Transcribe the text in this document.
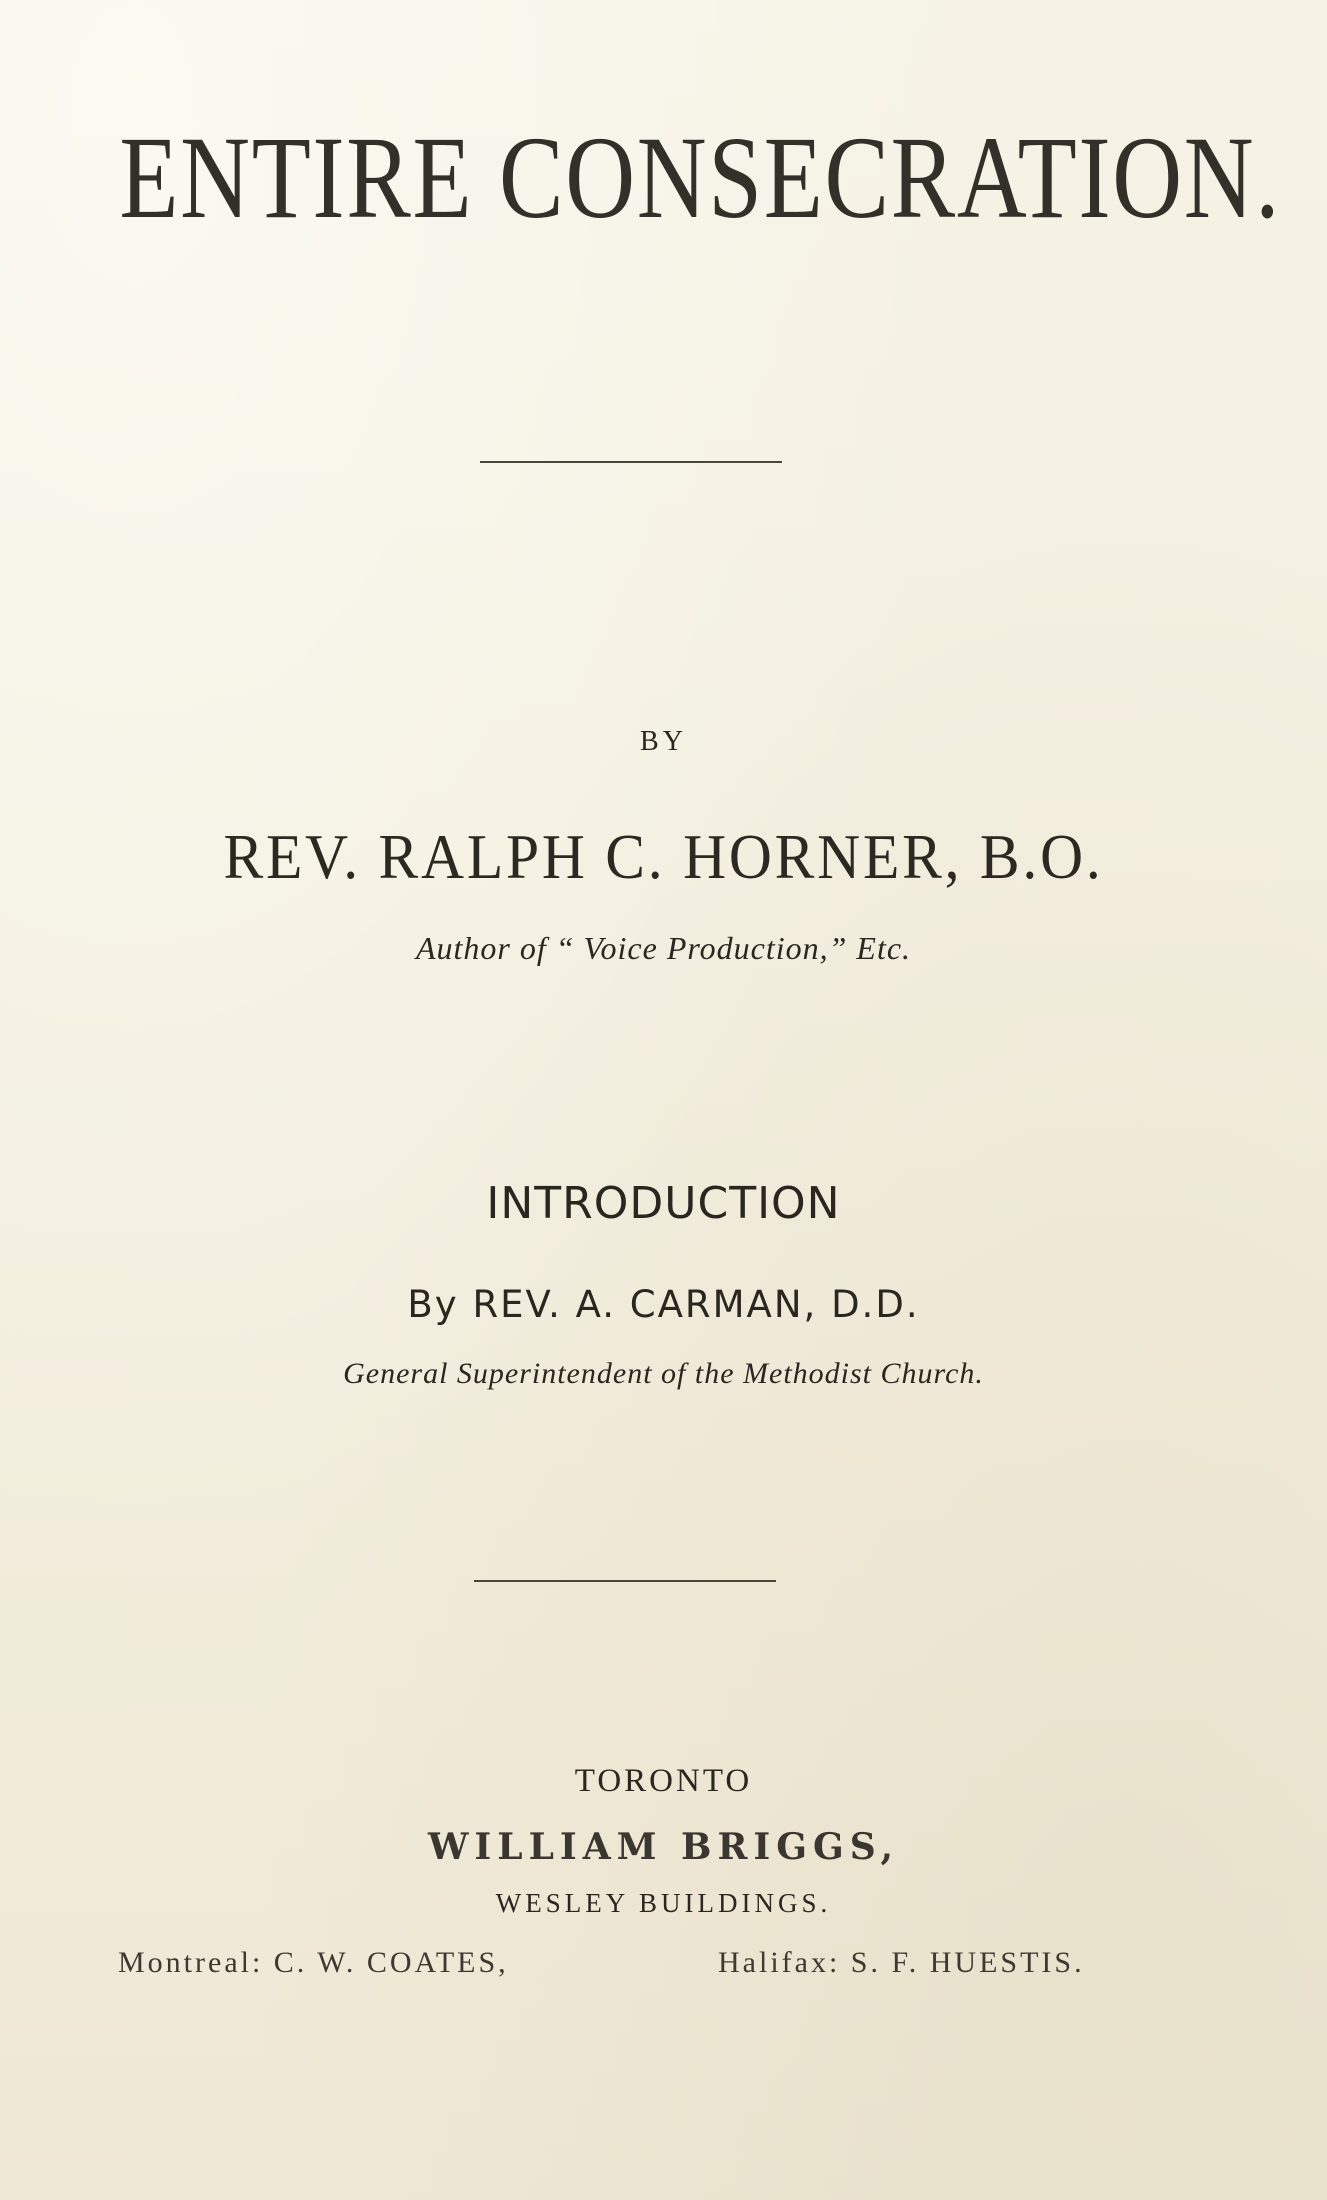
ENTIRE CONSECRATION.
BY
REV. RALPH C. HORNER, B.O.
Author of “ Voice Production,” Etc.
INTRODUCTION
By REV. A. CARMAN, D.D.
General Superintendent of the Methodist Church.
TORONTO
WILLIAM BRIGGS,
WESLEY BUILDINGS.
Montreal: C. W. COATES,	Halifax: S. F. HUESTIS.
